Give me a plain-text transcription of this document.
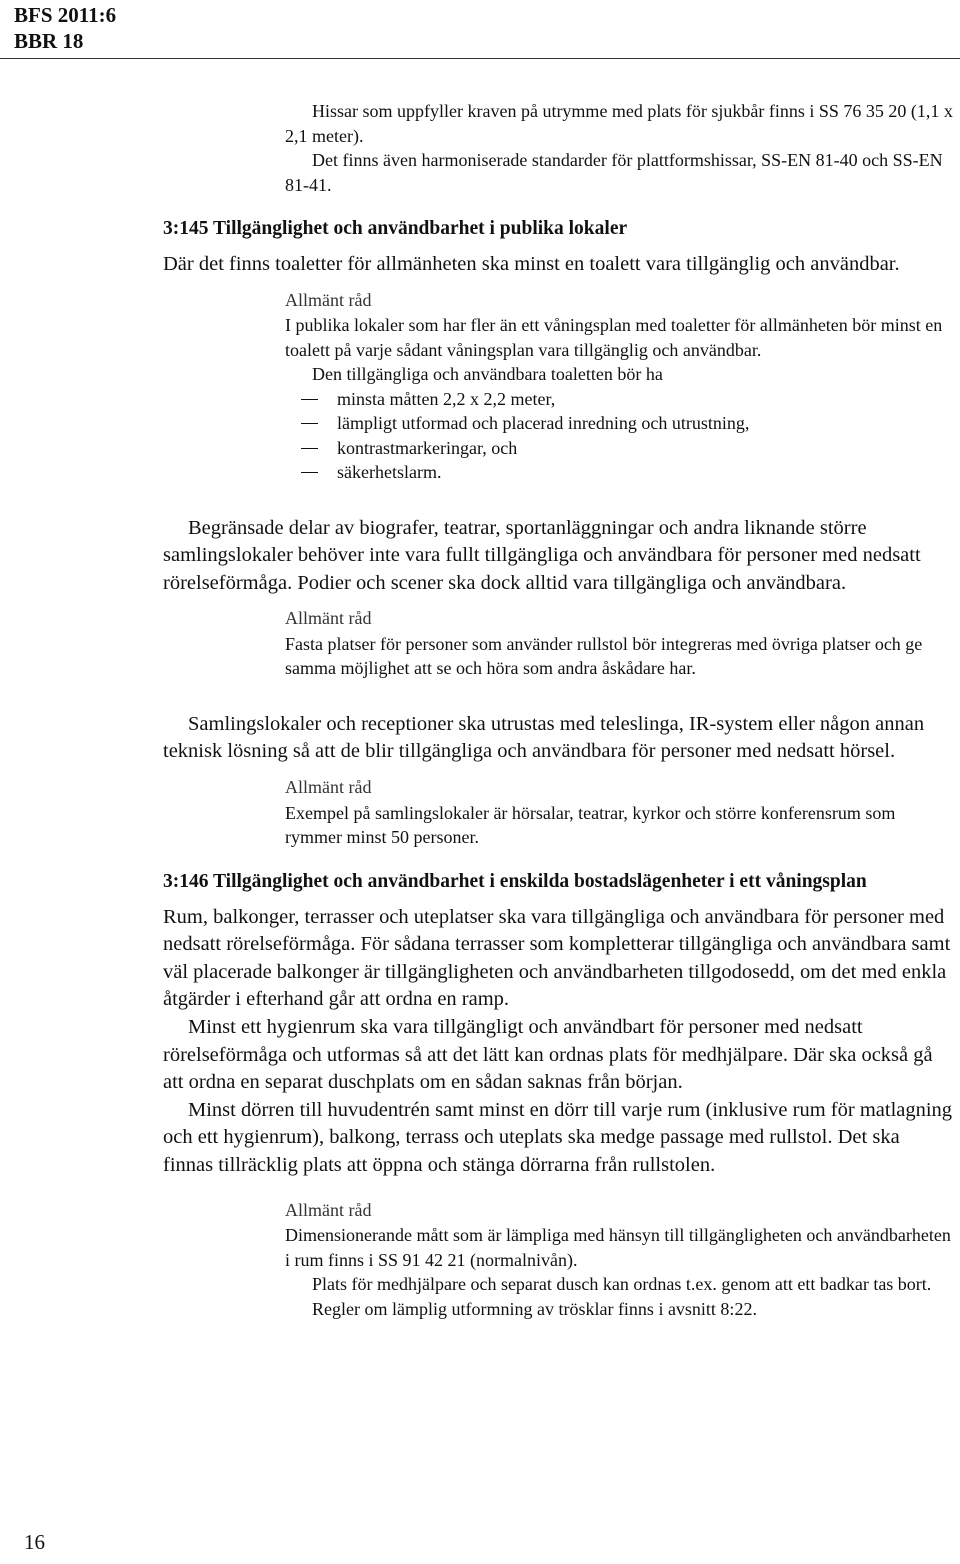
BFS 2011:6
BBR 18

Hissar som uppfyller kraven på utrymme med plats för sjukbår finns i SS 76 35 20 (1,1 x 2,1 meter).

Det finns även harmoniserade standarder för plattformshissar, SS-EN 81-40 och SS-EN 81-41.

3:145 Tillgänglighet och användbarhet i publika lokaler

Där det finns toaletter för allmänheten ska minst en toalett vara tillgänglig och användbar.

Allmänt råd

I publika lokaler som har fler än ett våningsplan med toaletter för allmänheten bör minst en toalett på varje sådant våningsplan vara tillgänglig och användbar.

Den tillgängliga och användbara toaletten bör ha

minsta måtten 2,2 x 2,2 meter,
lämpligt utformad och placerad inredning och utrustning,
kontrastmarkeringar, och
säkerhetslarm.

Begränsade delar av biografer, teatrar, sportanläggningar och andra liknande större samlingslokaler behöver inte vara fullt tillgängliga och användbara för personer med nedsatt rörelseförmåga. Podier och scener ska dock alltid vara tillgängliga och användbara.

Allmänt råd

Fasta platser för personer som använder rullstol bör integreras med övriga platser och ge samma möjlighet att se och höra som andra åskådare har.

Samlingslokaler och receptioner ska utrustas med teleslinga, IR-system eller någon annan teknisk lösning så att de blir tillgängliga och användbara för personer med nedsatt hörsel.

Allmänt råd

Exempel på samlingslokaler är hörsalar, teatrar, kyrkor och större konferensrum som rymmer minst 50 personer.

3:146 Tillgänglighet och användbarhet i enskilda bostadslägenheter i ett våningsplan

Rum, balkonger, terrasser och uteplatser ska vara tillgängliga och användbara för personer med nedsatt rörelseförmåga. För sådana terrasser som kompletterar tillgängliga och användbara samt väl placerade balkonger är tillgängligheten och användbarheten tillgodosedd, om det med enkla åtgärder i efterhand går att ordna en ramp.

Minst ett hygienrum ska vara tillgängligt och användbart för personer med nedsatt rörelseförmåga och utformas så att det lätt kan ordnas plats för medhjälpare. Där ska också gå att ordna en separat duschplats om en sådan saknas från början.

Minst dörren till huvudentrén samt minst en dörr till varje rum (inklusive rum för matlagning och ett hygienrum), balkong, terrass och uteplats ska medge passage med rullstol. Det ska finnas tillräcklig plats att öppna och stänga dörrarna från rullstolen.

Allmänt råd

Dimensionerande mått som är lämpliga med hänsyn till tillgängligheten och användbarheten i rum finns i SS 91 42 21 (normalnivån).

Plats för medhjälpare och separat dusch kan ordnas t.ex. genom att ett badkar tas bort.

Regler om lämplig utformning av trösklar finns i avsnitt 8:22.

16
